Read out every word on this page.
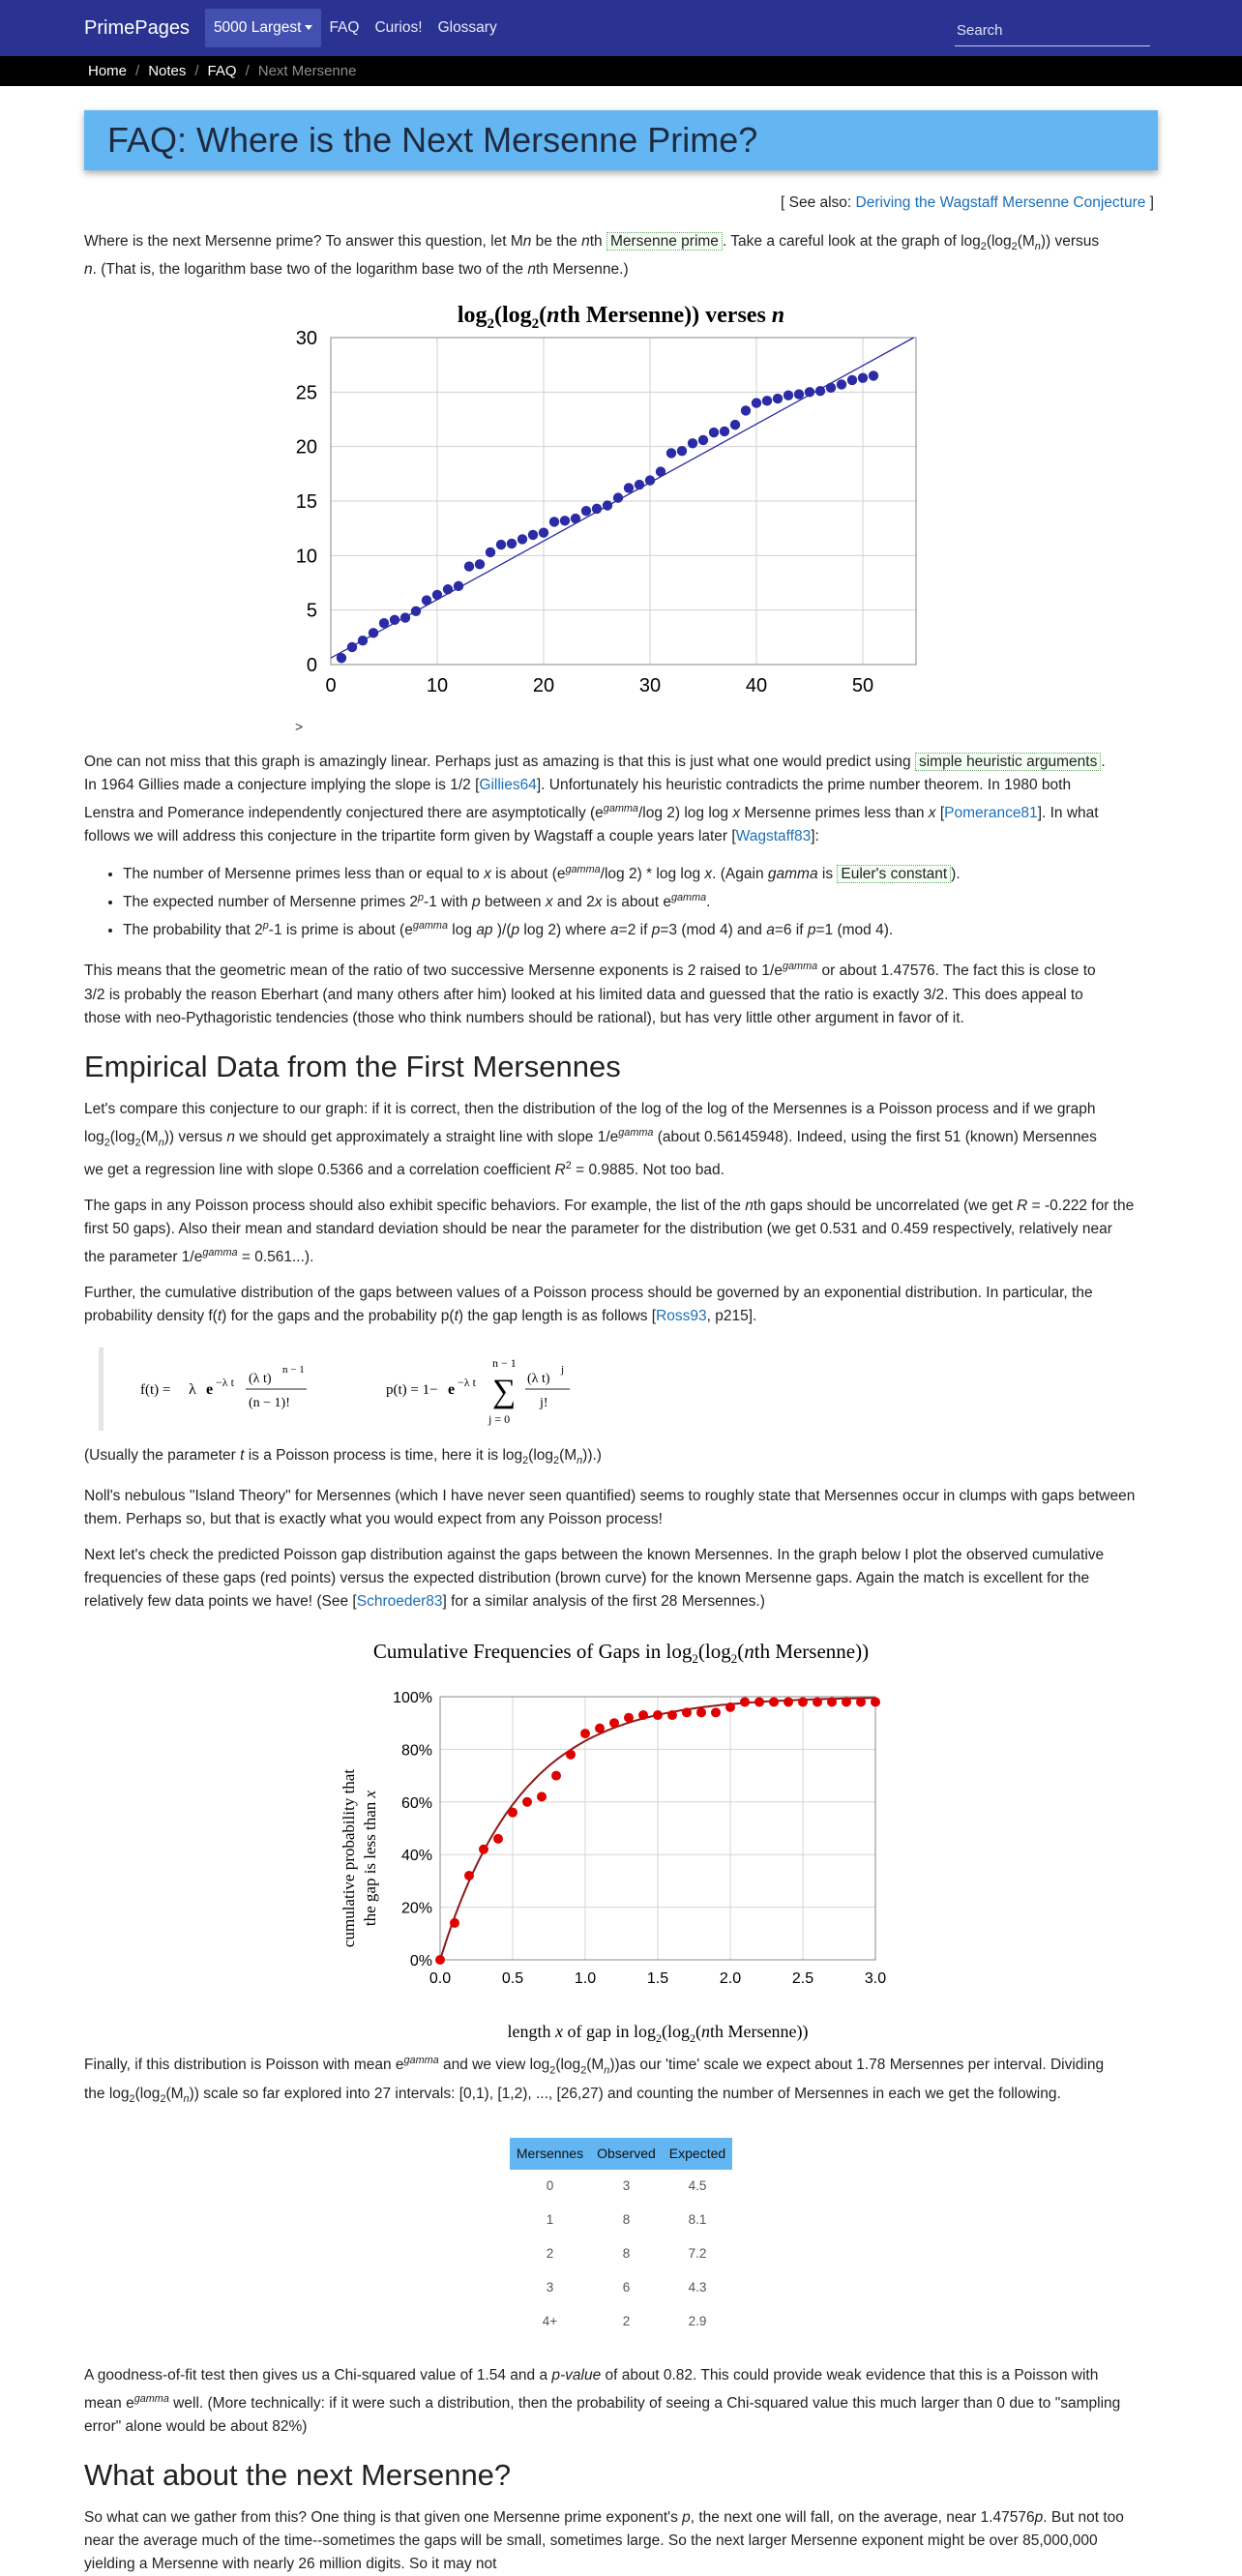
PrimePages	5000 Largest	FAQ	Curios!	Glossary
Search
Home / Notes / FAQ / Next Mersenne
FAQ: Where is the Next Mersenne Prime?
[ See also: Deriving the Wagstaff Mersenne Conjecture ]

Where is the next Mersenne prime? To answer this question, let Mn be the nth Mersenne prime . Take a careful look at the graph of $\log_2(\log_2(M_n))$ versus
n. (That is, the logarithm base two of the logarithm base two of the nth Mersenne.)

$\log_2(\log_2(nth$ Mersenne)) verses n
0	10	20	30	40	50
0
5
10
15
20
25
30
>

One can not miss that this graph is amazingly linear. Perhaps just as amazing is that this is just what one would predict using simple heuristic arguments .
In 1964 Gillies made a conjecture implying the slope is 1/2 [Gillies64]. Unfortunately his heuristic contradicts the prime number theorem. In 1980 both
Lenstra and Pomerance independently conjectured there are asymptotically ($e^{gamma}/\log$ 2) log log x Mersenne primes less than x [Pomerance81]. In what
follows we will address this conjecture in the tripartite form given by Wagstaff a couple years later [Wagstaff83]:

• The number of Mersenne primes less than or equal to x is about ($e^{gamma}/\log$ 2) * log log x. (Again gamma is Euler's constant ).
• The expected number of Mersenne primes 2$^p$-1 with p between x and 2x is about $e^{gamma}$.
• The probability that 2$^p$-1 is prime is about ($e^{gamma}$ log ap )/(p log 2) where a=2 if p=3 (mod 4) and a=6 if p=1 (mod 4).

This means that the geometric mean of the ratio of two successive Mersenne exponents is 2 raised to $1/e^{gamma}$ or about 1.47576. The fact this is close to
3/2 is probably the reason Eberhart (and many others after him) looked at his limited data and guessed that the ratio is exactly 3/2. This does appeal to
those with neo-Pythagoristic tendencies (those who think numbers should be rational), but has very little other argument in favor of it.

Empirical Data from the First Mersennes

Let's compare this conjecture to our graph: if it is correct, then the distribution of the log of the log of the Mersennes is a Poisson process and if we graph
$\log_2(\log_2(M_n))$ versus n we should get approximately a straight line with slope $1/e^{gamma}$ (about 0.56145948). Indeed, using the first 51 (known) Mersennes
we get a regression line with slope 0.5366 and a correlation coefficient $R^2 = 0.9885$. Not too bad.

The gaps in any Poisson process should also exhibit specific behaviors. For example, the list of the nth gaps should be uncorrelated (we get R = -0.222 for the
first 50 gaps). Also their mean and standard deviation should be near the parameter for the distribution (we get 0.531 and 0.459 respectively, relatively near
the parameter $1/e^{gamma} = 0.561$...).

Further, the cumulative distribution of the gaps between values of a Poisson process should be governed by an exponential distribution. In particular, the
probability density f(t) for the gaps and the probability p(t) the gap length is as follows [Ross93, p215].

f(t) = λ e −λ t (λ t)
n − 1
(n − 1)!
p(t) = 1− e −λ t
n − 1
∑
j = 0
(λ t)
j
j!

(Usually the parameter t is a Poisson process is time, here it is $\log_2(\log_2(M_n))$.)

Noll's nebulous "Island Theory" for Mersennes (which I have never seen quantified) seems to roughly state that Mersennes occur in clumps with gaps between
them. Perhaps so, but that is exactly what you would expect from any Poisson process!

Next let's check the predicted Poisson gap distribution against the gaps between the known Mersennes. In the graph below I plot the observed cumulative
frequencies of these gaps (red points) versus the expected distribution (brown curve) for the known Mersenne gaps. Again the match is excellent for the
relatively few data points we have! (See [Schroeder83] for a similar analysis of the first 28 Mersennes.)

Cumulative Frequencies of Gaps in $\log_2(\log_2(nth$ Mersenne))
0.0	0.5	1.0	1.5	2.0	2.5	3.0
0%
20%
40%
60%
80%
100%
cumulative probability that the gap is less than x
length x of gap in $\log_2(\log_2(nth$ Mersenne))

Finally, if this distribution is Poisson with mean $e^{gamma}$ and we view $\log_2(\log_2(M_n))as$ our 'time' scale we expect about 1.78 Mersennes per interval. Dividing
the $\log_2(\log_2(M_n))$ scale so far explored into 27 intervals: [0,1), [1,2), ..., [26,27) and counting the number of Mersennes in each we get the following.

Mersennes	Observed	Expected
0	3	4.5
1	8	8.1
2	8	7.2
3	6	4.3
4+	2	2.9

A goodness-of-fit test then gives us a Chi-squared value of 1.54 and a p-value of about 0.82. This could provide weak evidence that this is a Poisson with
mean $e^{gamma}$ well. (More technically: if it were such a distribution, then the probability of seeing a Chi-squared value this much larger than 0 due to "sampling
error" alone would be about 82%)

What about the next Mersenne?

So what can we gather from this? One thing is that given one Mersenne prime exponent's p, the next one will fall, on the average, near 1.47576p. But not too
near the average much of the time--sometimes the gaps will be small, sometimes large. So the next larger Mersenne exponent might be over 85,000,000
yielding a Mersenne with nearly 26 million digits. So it may not
